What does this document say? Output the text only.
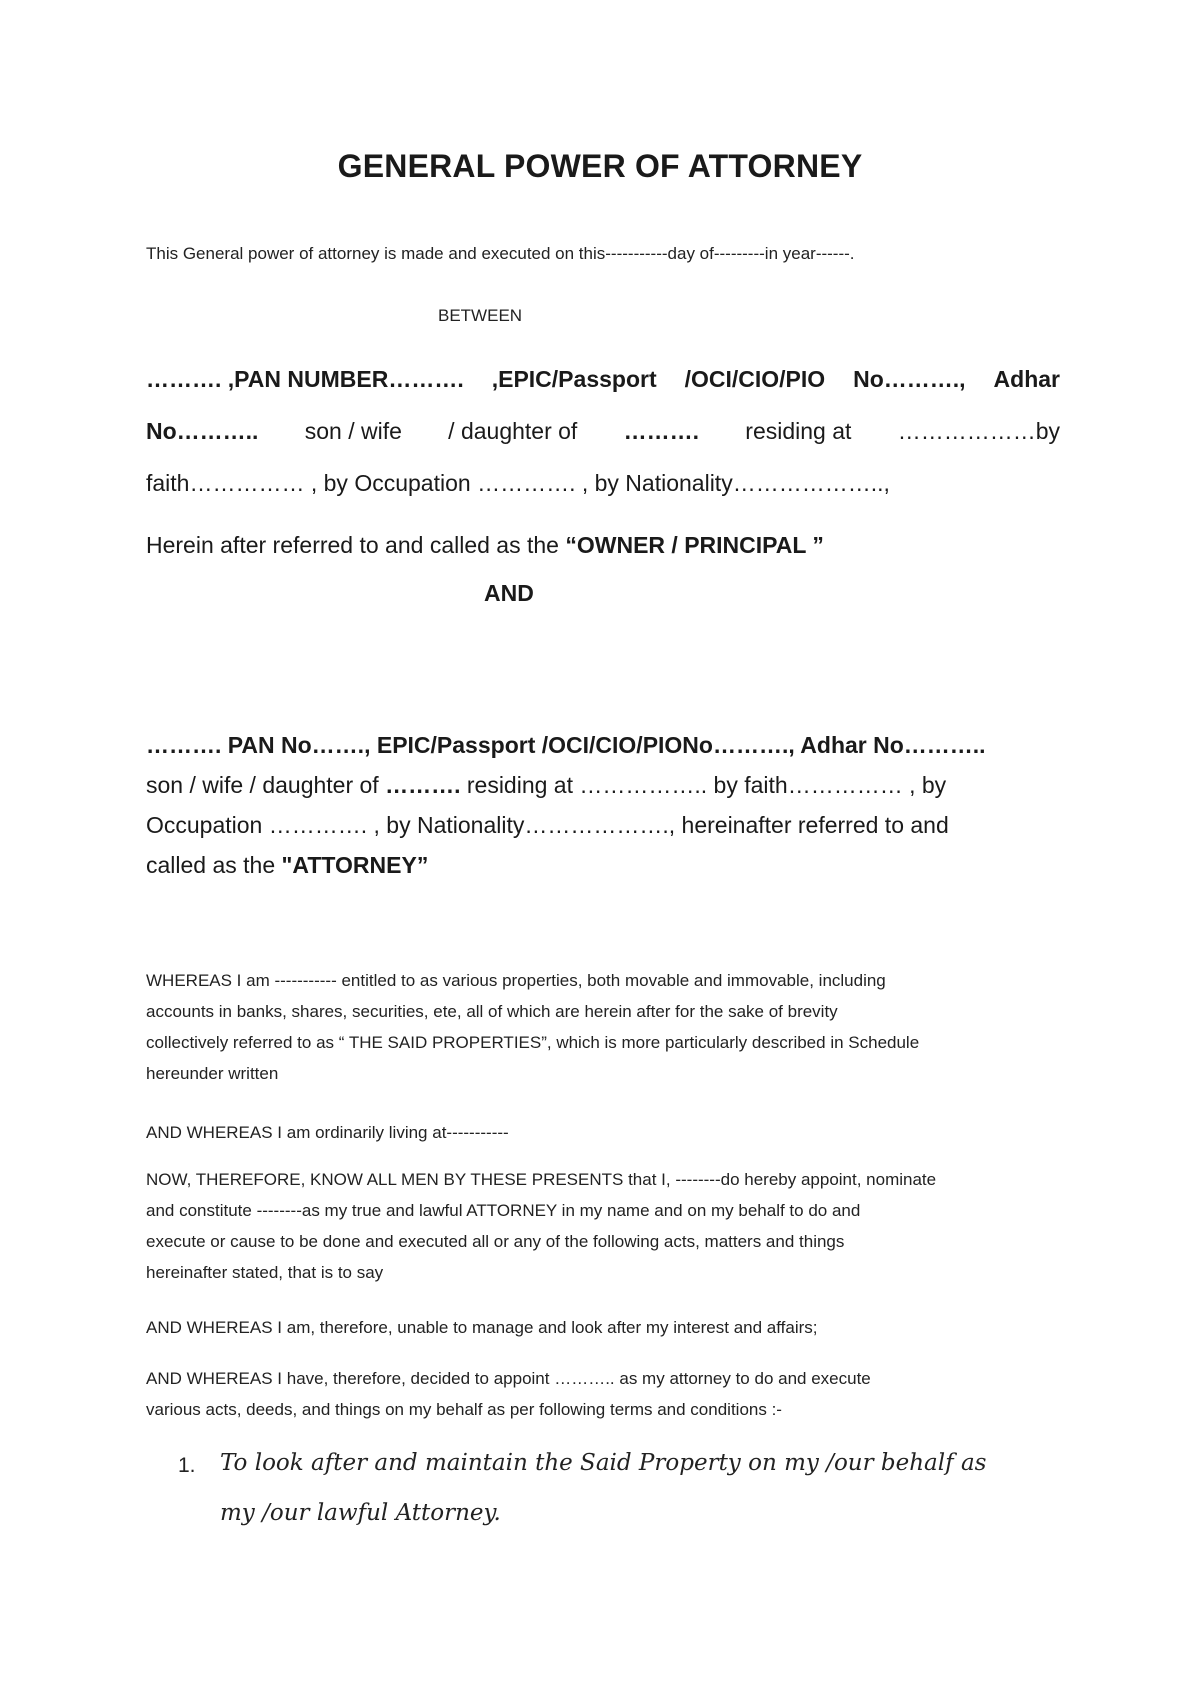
GENERAL POWER OF ATTORNEY
This General power of attorney is made and executed on this-----------day of---------in year------.
BETWEEN
………. ,PAN NUMBER………. ,EPIC/Passport /OCI/CIO/PIO No………., Adhar
No……….. son / wife / daughter of ………. residing at ………………by
faith…………… , by Occupation …………. , by Nationality………………..,
Herein after referred to and called as the “OWNER / PRINCIPAL ”
AND
………. PAN No……., EPIC/Passport /OCI/CIO/PIONo………., Adhar No………..
son / wife / daughter of ………. residing at …………….. by faith…………… , by
Occupation …………. , by Nationality………………., hereinafter referred to and
called as the "ATTORNEY”
WHEREAS I am ----------- entitled to as various properties, both movable and immovable, including
accounts in banks, shares, securities, ete, all of which are herein after for the sake of brevity
collectively referred to as “ THE SAID PROPERTIES”, which is more particularly described in Schedule
hereunder written
AND WHEREAS I am ordinarily living at-----------
NOW, THEREFORE, KNOW ALL MEN BY THESE PRESENTS that I, --------do hereby appoint, nominate
and constitute --------as my true and lawful ATTORNEY in my name and on my behalf to do and
execute or cause to be done and executed all or any of the following acts, matters and things
hereinafter stated, that is to say
AND WHEREAS I am, therefore, unable to manage and look after my interest and affairs;
AND WHEREAS I have, therefore, decided to appoint ……….. as my attorney to do and execute
various acts, deeds, and things on my behalf as per following terms and conditions :-
1. To look after and maintain the Said Property on my /our behalf as
my /our lawful Attorney.
